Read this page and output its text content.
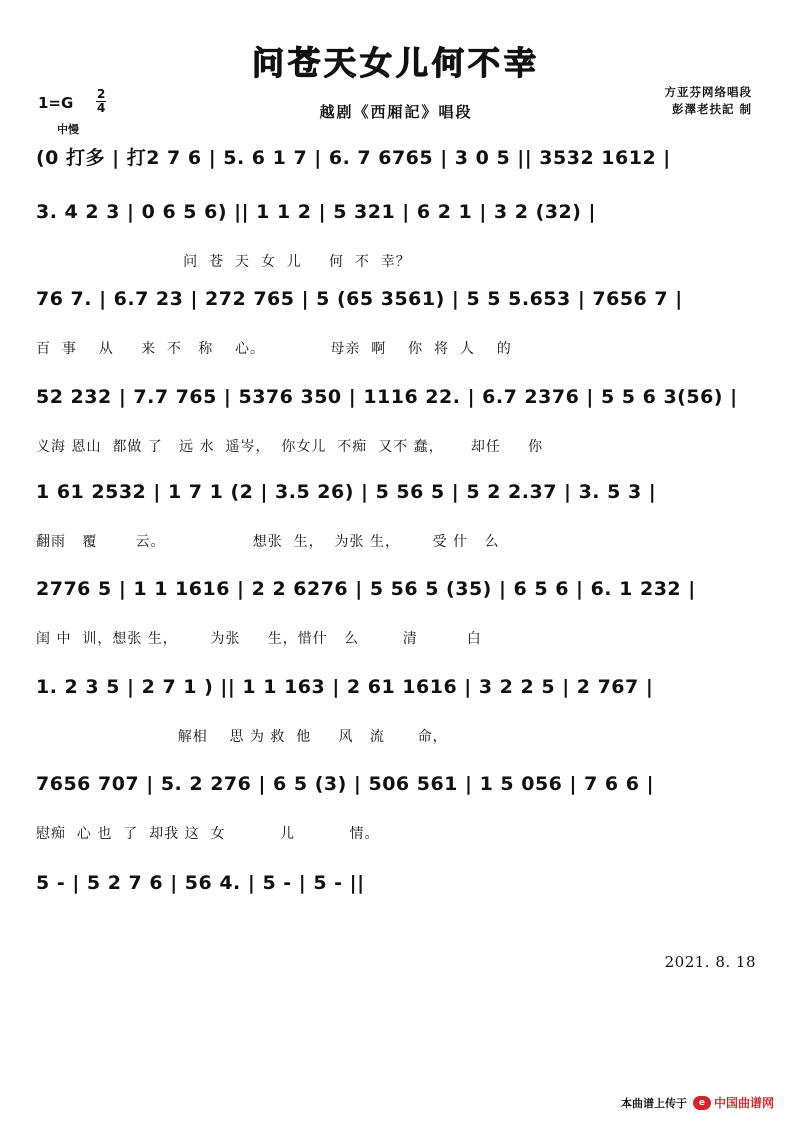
问苍天女儿何不幸
越剧《西厢記》唱段
1=G 2
4
中慢
方亚芬网络唱段
彭澤老扶記 制
(0 打多 | 打2 7 6 | 5. 6 1 7 | 6. 7 6765 | 3 0 5 || 3532 1612 |
3. 4 2 3 | 0 6 5 6) || 1 1 2 | 5 321 | 6 2 1 | 3 2 (32) |
问  苍  天  女  儿     何  不  幸？
76 7. | 6.7 23 | 272 765 | 5 (65 3561) | 5 5 5.653 | 7656 7 |
百  事    从     来  不   称    心。            母亲  啊    你  将  人    的
52 232 | 7.7 765 | 5376 350 | 1116 22. | 6.7 2376 | 5 5 6 3(56) |
义海 恩山  都做 了   远 水  遥岑，  你女儿  不痴  又不 蠢，     却任     你
1 61 2532 | 1 7 1 (2 | 3.5 26) | 5 56 5 | 5 2 2.37 | 3. 5 3 |
翻雨   覆       云。                想张  生，  为张 生，      受 什   么
2776 5 | 1 1 1616 | 2 2 6276 | 5 56 5 (35) | 6 5 6 | 6. 1 232 |
闺 中  训，想张 生，      为张     生，惜什   么        清         白
1. 2 3 5 | 2 7 1 ) || 1 1 163 | 2 61 1616 | 3 2 2 5 | 2 767 |
解相    思 为 救  他     风   流      命，
7656 707 | 5. 2 276 | 6 5 (3) | 506 561 | 1 5 056 | 7 6 6 |
慰痴  心 也  了  却我 这  女          儿          情。
5 - | 5 2 7 6 | 56 4. | 5 - | 5 - ||
2021. 8. 18
本曲谱上传于	e 中国曲谱网
